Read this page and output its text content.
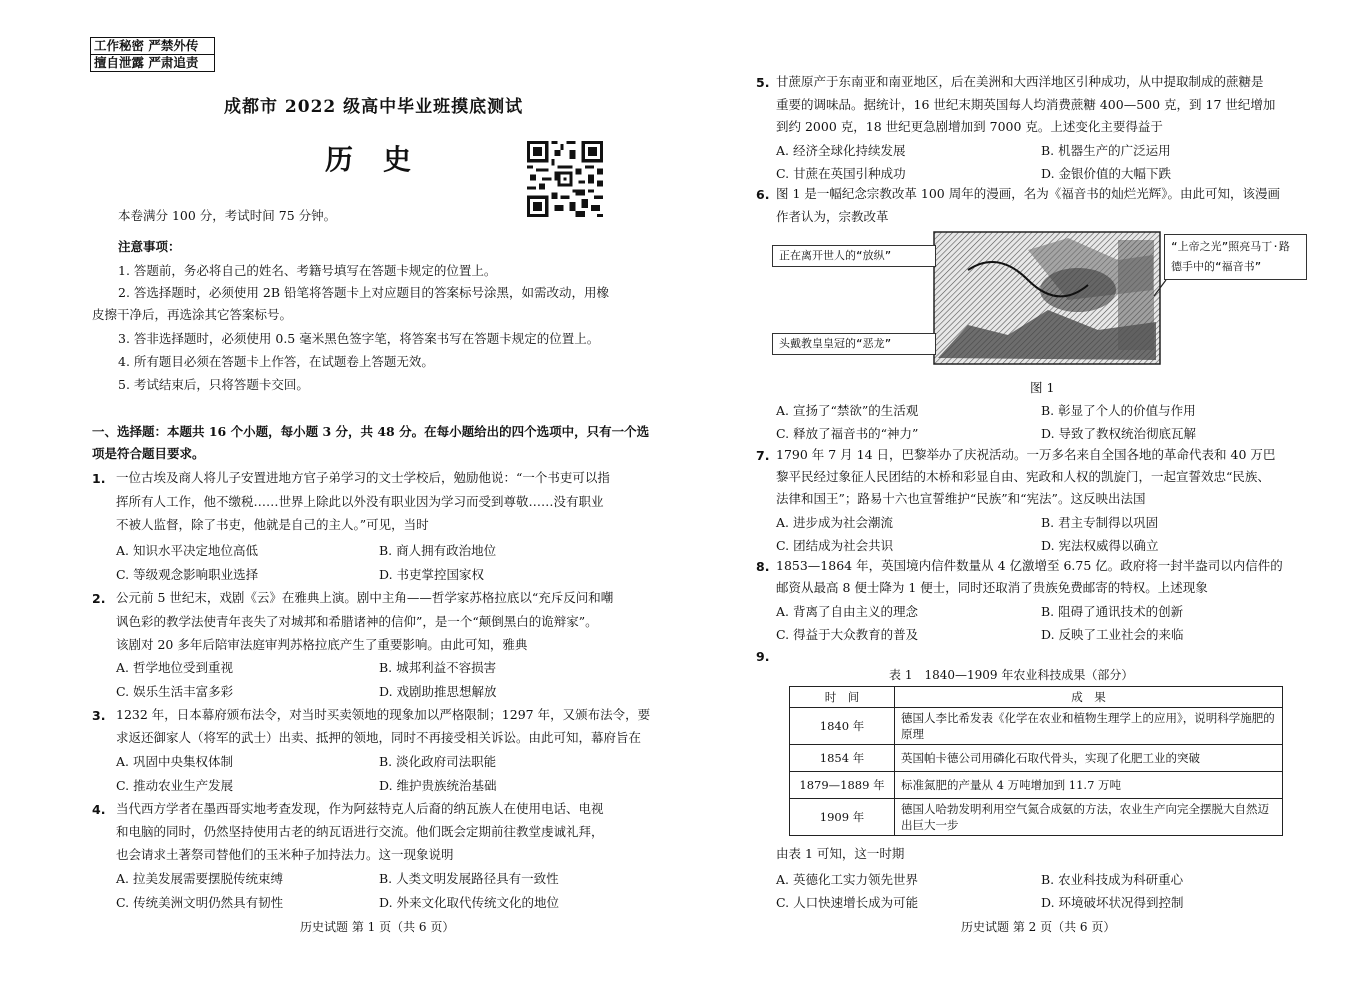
工作秘密 严禁外传
擅自泄露 严肃追责
成都市 2022 级高中毕业班摸底测试
历史
本卷满分 100 分，考试时间 75 分钟。
注意事项：
1. 答题前，务必将自己的姓名、考籍号填写在答题卡规定的位置上。
2. 答选择题时，必须使用 2B 铅笔将答题卡上对应题目的答案标号涂黑，如需改动，用橡
皮擦干净后，再选涂其它答案标号。
3. 答非选择题时，必须使用 0.5 毫米黑色签字笔，将答案书写在答题卡规定的位置上。
4. 所有题目必须在答题卡上作答，在试题卷上答题无效。
5. 考试结束后，只将答题卡交回。
一、选择题：本题共 16 个小题，每小题 3 分，共 48 分。在每小题给出的四个选项中，只有一个选
项是符合题目要求。
1. 一位古埃及商人将儿子安置进地方官子弟学习的文士学校后，勉励他说：“一个书吏可以指
挥所有人工作，他不缴税……世界上除此以外没有职业因为学习而受到尊敬……没有职业
不被人监督，除了书吏，他就是自己的主人。”可见，当时
A. 知识水平决定地位高低	B. 商人拥有政治地位
C. 等级观念影响职业选择	D. 书吏掌控国家权
2. 公元前 5 世纪末，戏剧《云》在雅典上演。剧中主角——哲学家苏格拉底以“充斥反问和嘲
讽色彩的教学法使青年丧失了对城邦和希腊诸神的信仰”，是一个“颠倒黑白的诡辩家”。
该剧对 20 多年后陪审法庭审判苏格拉底产生了重要影响。由此可知，雅典
A. 哲学地位受到重视	B. 城邦利益不容损害
C. 娱乐生活丰富多彩	D. 戏剧助推思想解放
3. 1232 年，日本幕府颁布法令，对当时买卖领地的现象加以严格限制；1297 年，又颁布法令，要
求返还御家人（将军的武士）出卖、抵押的领地，同时不再接受相关诉讼。由此可知，幕府旨在
A. 巩固中央集权体制	B. 淡化政府司法职能
C. 推动农业生产发展	D. 维护贵族统治基础
4. 当代西方学者在墨西哥实地考查发现，作为阿兹特克人后裔的纳瓦族人在使用电话、电视
和电脑的同时，仍然坚持使用古老的纳瓦语进行交流。他们既会定期前往教堂虔诚礼拜，
也会请求土著祭司替他们的玉米种子加持法力。这一现象说明
A. 拉美发展需要摆脱传统束缚	B. 人类文明发展路径具有一致性
C. 传统美洲文明仍然具有韧性	D. 外来文化取代传统文化的地位
历史试题 第 1 页（共 6 页）
5. 甘蔗原产于东南亚和南亚地区，后在美洲和大西洋地区引种成功，从中提取制成的蔗糖是
重要的调味品。据统计，16 世纪末期英国每人均消费蔗糖 400—500 克，到 17 世纪增加
到约 2000 克，18 世纪更急剧增加到 7000 克。上述变化主要得益于
A. 经济全球化持续发展	B. 机器生产的广泛运用
C. 甘蔗在英国引种成功	D. 金银价值的大幅下跌
6. 图 1 是一幅纪念宗教改革 100 周年的漫画，名为《福音书的灿烂光辉》。由此可知，该漫画
作者认为，宗教改革
正在离开世人的“放纵”
头戴教皇皇冠的“恶龙”
“上帝之光”照亮马丁·路德手中的“福音书”
图 1
A. 宣扬了“禁欲”的生活观	B. 彰显了个人的价值与作用
C. 释放了福音书的“神力”	D. 导致了教权统治彻底瓦解
7. 1790 年 7 月 14 日，巴黎举办了庆祝活动。一万多名来自全国各地的革命代表和 40 万巴
黎平民经过象征人民团结的木桥和彩显自由、宪政和人权的凯旋门，一起宣誓效忠“民族、
法律和国王”；路易十六也宣誓维护“民族”和“宪法”。这反映出法国
A. 进步成为社会潮流	B. 君主专制得以巩固
C. 团结成为社会共识	D. 宪法权威得以确立
8. 1853—1864 年，英国境内信件数量从 4 亿激增至 6.75 亿。政府将一封半盎司以内信件的
邮资从最高 8 便士降为 1 便士，同时还取消了贵族免费邮寄的特权。上述现象
A. 背离了自由主义的理念	B. 阻碍了通讯技术的创新
C. 得益于大众教育的普及	D. 反映了工业社会的来临
9.
表 1　1840—1909 年农业科技成果（部分）
时　间	成　果
1840 年	德国人李比希发表《化学在农业和植物生理学上的应用》，说明科学施肥的原理
1854 年	英国帕卡德公司用磷化石取代骨头，实现了化肥工业的突破
1879—1889 年	标准氮肥的产量从 4 万吨增加到 11.7 万吨
1909 年	德国人哈勃发明利用空气氮合成氨的方法，农业生产向完全摆脱大自然迈出巨大一步
由表 1 可知，这一时期
A. 英德化工实力领先世界	B. 农业科技成为科研重心
C. 人口快速增长成为可能	D. 环境破坏状况得到控制
历史试题 第 2 页（共 6 页）
